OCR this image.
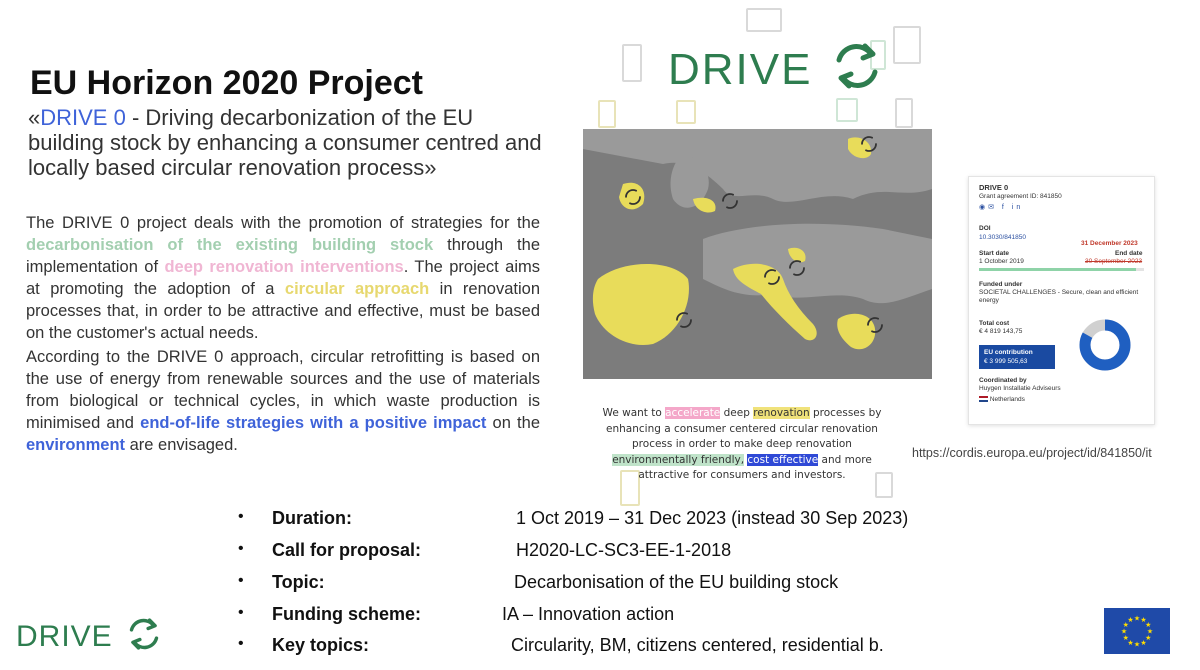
EU Horizon 2020 Project
«DRIVE 0 - Driving decarbonization of the EU building stock by enhancing a consumer centred and locally based circular renovation process»

The DRIVE 0 project deals with the promotion of strategies for the decarbonisation of the existing building stock through the implementation of deep renovation interventions. The project aims at promoting the adoption of a circular approach in renovation processes that, in order to be attractive and effective, must be based on the customer's actual needs.

According to the DRIVE 0 approach, circular retrofitting is based on the use of energy from renewable sources and the use of materials from biological or technical cycles, in which waste production is minimised and end-of-life strategies with a positive impact on the environment are envisaged.

DRIVE
We want to accelerate deep renovation processes by enhancing a consumer centered circular renovation process in order to make deep renovation environmentally friendly, cost effective and more attractive for consumers and investors.
DRIVE 0
Grant agreement ID: 841850
◉✉ f in
DOI
10.3030/841850
31 December 2023
Start date	End date
1 October 2019	30 September 2023
Funded under
SOCIETAL CHALLENGES - Secure, clean and efficient
energy
Total cost
€ 4 819 143,75
EU contribution
€ 3 999 505,63
Coordinated by
Huygen Installatie Adviseurs
Netherlands
https://cordis.europa.eu/project/id/841850/it
• Duration:	1 Oct 2019 – 31 Dec 2023 (instead 30 Sep 2023)
• Call for proposal:	H2020-LC-SC3-EE-1-2018
• Topic:	Decarbonisation of the EU building stock
• Funding scheme:	IA – Innovation action
• Key topics:	Circularity, BM, citizens centered, residential b.
DRIVE
★ ★
★
★
★
★
★
★
★
★
★
★
